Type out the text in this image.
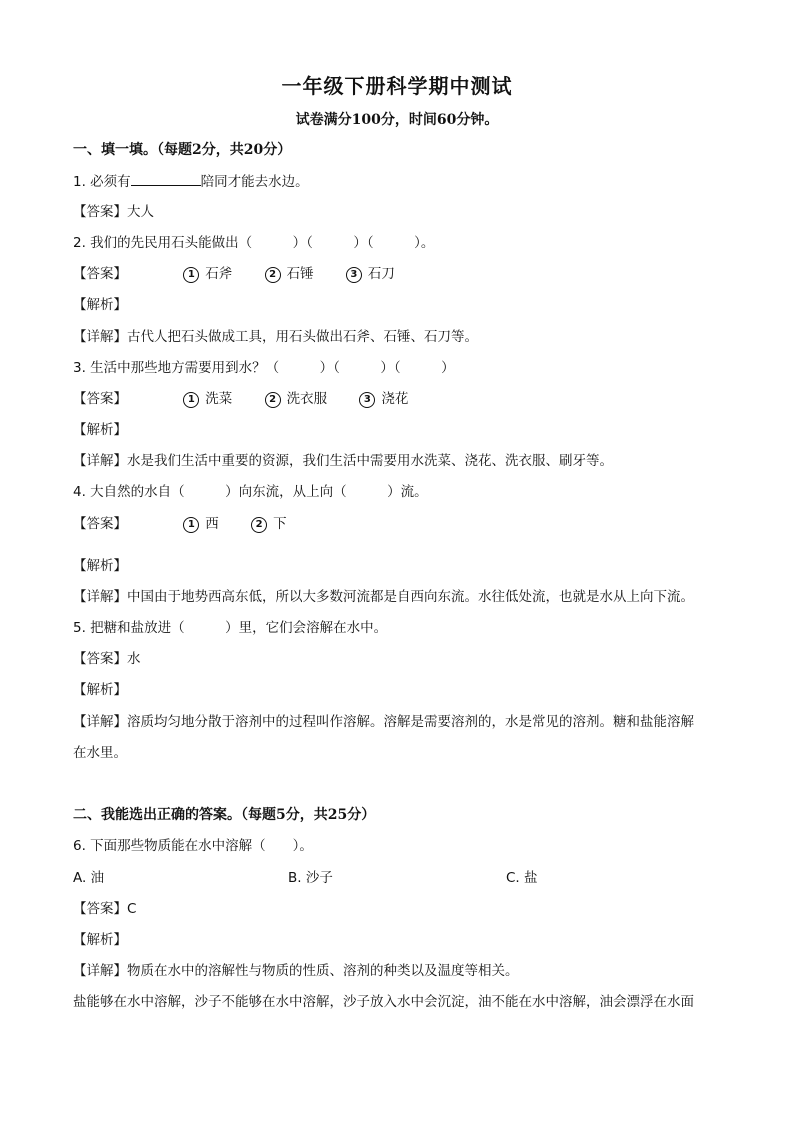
一年级下册科学期中测试
试卷满分100分，时间60分钟。
一、填一填。（每题2分，共20分）
1. 必须有	陪同才能去水边。
【答案】大人
2. 我们的先民用石头能做出（　　　）（　　　）（　　　）。
【答案】	1 石斧	2 石锤	3 石刀
【解析】
【详解】古代人把石头做成工具，用石头做出石斧、石锤、石刀等。
3. 生活中那些地方需要用到水？（　　　）（　　　）（　　　）
【答案】	1 洗菜	2 洗衣服	3 浇花
【解析】
【详解】水是我们生活中重要的资源，我们生活中需要用水洗菜、浇花、洗衣服、刷牙等。
4. 大自然的水自（　　　）向东流，从上向（　　　）流。
【答案】	1 西	2 下
【解析】
【详解】中国由于地势西高东低，所以大多数河流都是自西向东流。水往低处流，也就是水从上向下流。
5. 把糖和盐放进（　　　）里，它们会溶解在水中。
【答案】水
【解析】
【详解】溶质均匀地分散于溶剂中的过程叫作溶解。溶解是需要溶剂的，水是常见的溶剂。糖和盐能溶解
在水里。
二、我能选出正确的答案。（每题5分，共25分）
6. 下面那些物质能在水中溶解（　　）。
A. 油	B. 沙子	C. 盐
【答案】C
【解析】
【详解】物质在水中的溶解性与物质的性质、溶剂的种类以及温度等相关。
盐能够在水中溶解，沙子不能够在水中溶解，沙子放入水中会沉淀，油不能在水中溶解，油会漂浮在水面
